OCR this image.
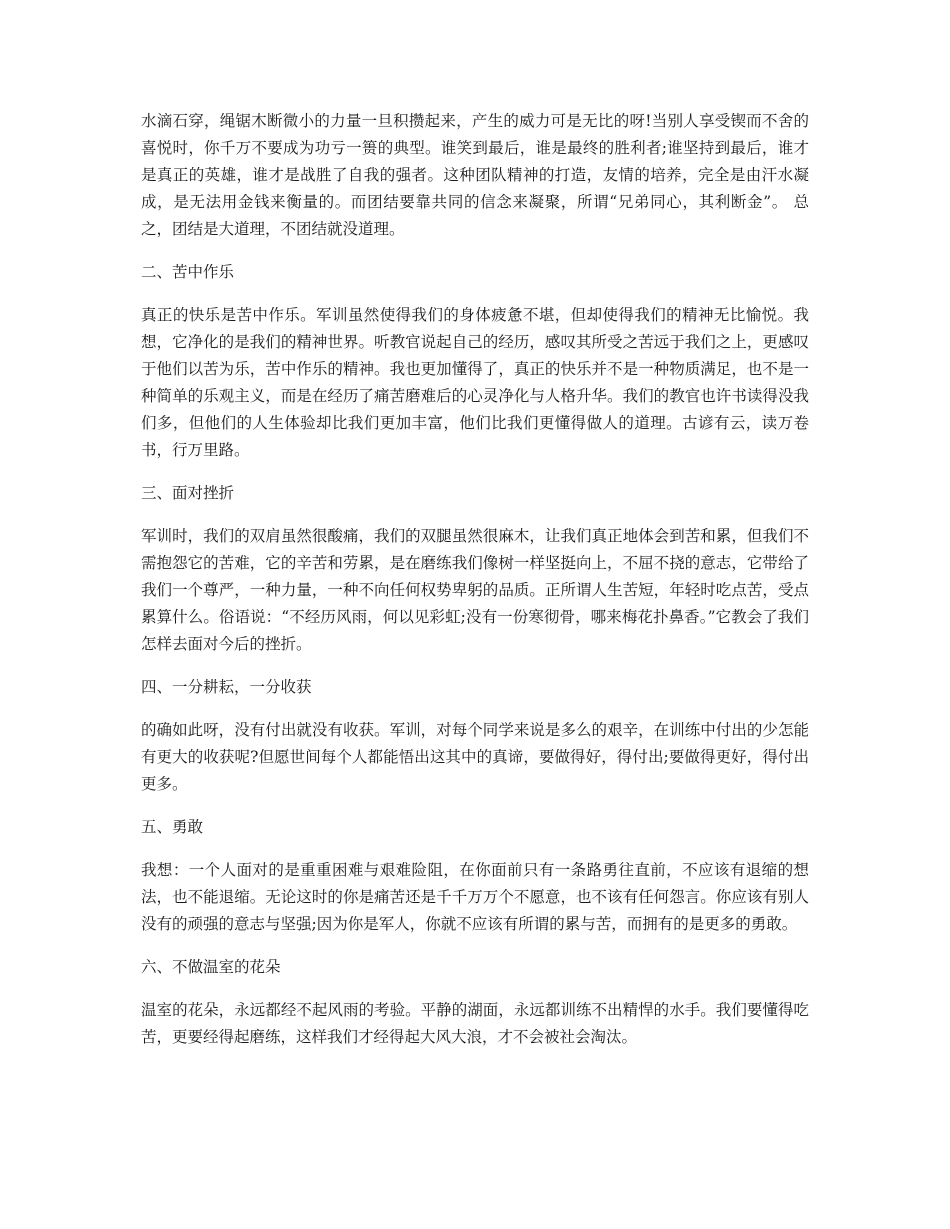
水滴石穿，绳锯木断微小的力量一旦积攒起来，产生的威力可是无比的呀!当别人享受锲而不舍的喜悦时，你千万不要成为功亏一篑的典型。谁笑到最后，谁是最终的胜利者;谁坚持到最后，谁才是真正的英雄，谁才是战胜了自我的强者。这种团队精神的打造，友情的培养，完全是由汗水凝成，是无法用金钱来衡量的。而团结要靠共同的信念来凝聚，所谓“兄弟同心，其利断金”。 总之，团结是大道理，不团结就没道理。

二、苦中作乐

真正的快乐是苦中作乐。军训虽然使得我们的身体疲惫不堪，但却使得我们的精神无比愉悦。我想，它净化的是我们的精神世界。听教官说起自己的经历，感叹其所受之苦远于我们之上，更感叹于他们以苦为乐，苦中作乐的精神。我也更加懂得了，真正的快乐并不是一种物质满足，也不是一种简单的乐观主义，而是在经历了痛苦磨难后的心灵净化与人格升华。我们的教官也许书读得没我们多，但他们的人生体验却比我们更加丰富，他们比我们更懂得做人的道理。古谚有云，读万卷书，行万里路。

三、面对挫折

军训时，我们的双肩虽然很酸痛，我们的双腿虽然很麻木，让我们真正地体会到苦和累，但我们不需抱怨它的苦难，它的辛苦和劳累，是在磨练我们像树一样坚挺向上，不屈不挠的意志，它带给了我们一个尊严，一种力量，一种不向任何权势卑躬的品质。正所谓人生苦短，年轻时吃点苦，受点累算什么。俗语说：“不经历风雨，何以见彩虹;没有一份寒彻骨，哪来梅花扑鼻香。”它教会了我们怎样去面对今后的挫折。

四、一分耕耘，一分收获

的确如此呀，没有付出就没有收获。军训，对每个同学来说是多么的艰辛，在训练中付出的少怎能有更大的收获呢?但愿世间每个人都能悟出这其中的真谛，要做得好，得付出;要做得更好，得付出更多。

五、勇敢

我想：一个人面对的是重重困难与艰难险阻，在你面前只有一条路勇往直前，不应该有退缩的想法，也不能退缩。无论这时的你是痛苦还是千千万万个不愿意，也不该有任何怨言。你应该有别人没有的顽强的意志与坚强;因为你是军人，你就不应该有所谓的累与苦，而拥有的是更多的勇敢。

六、不做温室的花朵

温室的花朵，永远都经不起风雨的考验。平静的湖面，永远都训练不出精悍的水手。我们要懂得吃苦，更要经得起磨练，这样我们才经得起大风大浪，才不会被社会淘汰。
